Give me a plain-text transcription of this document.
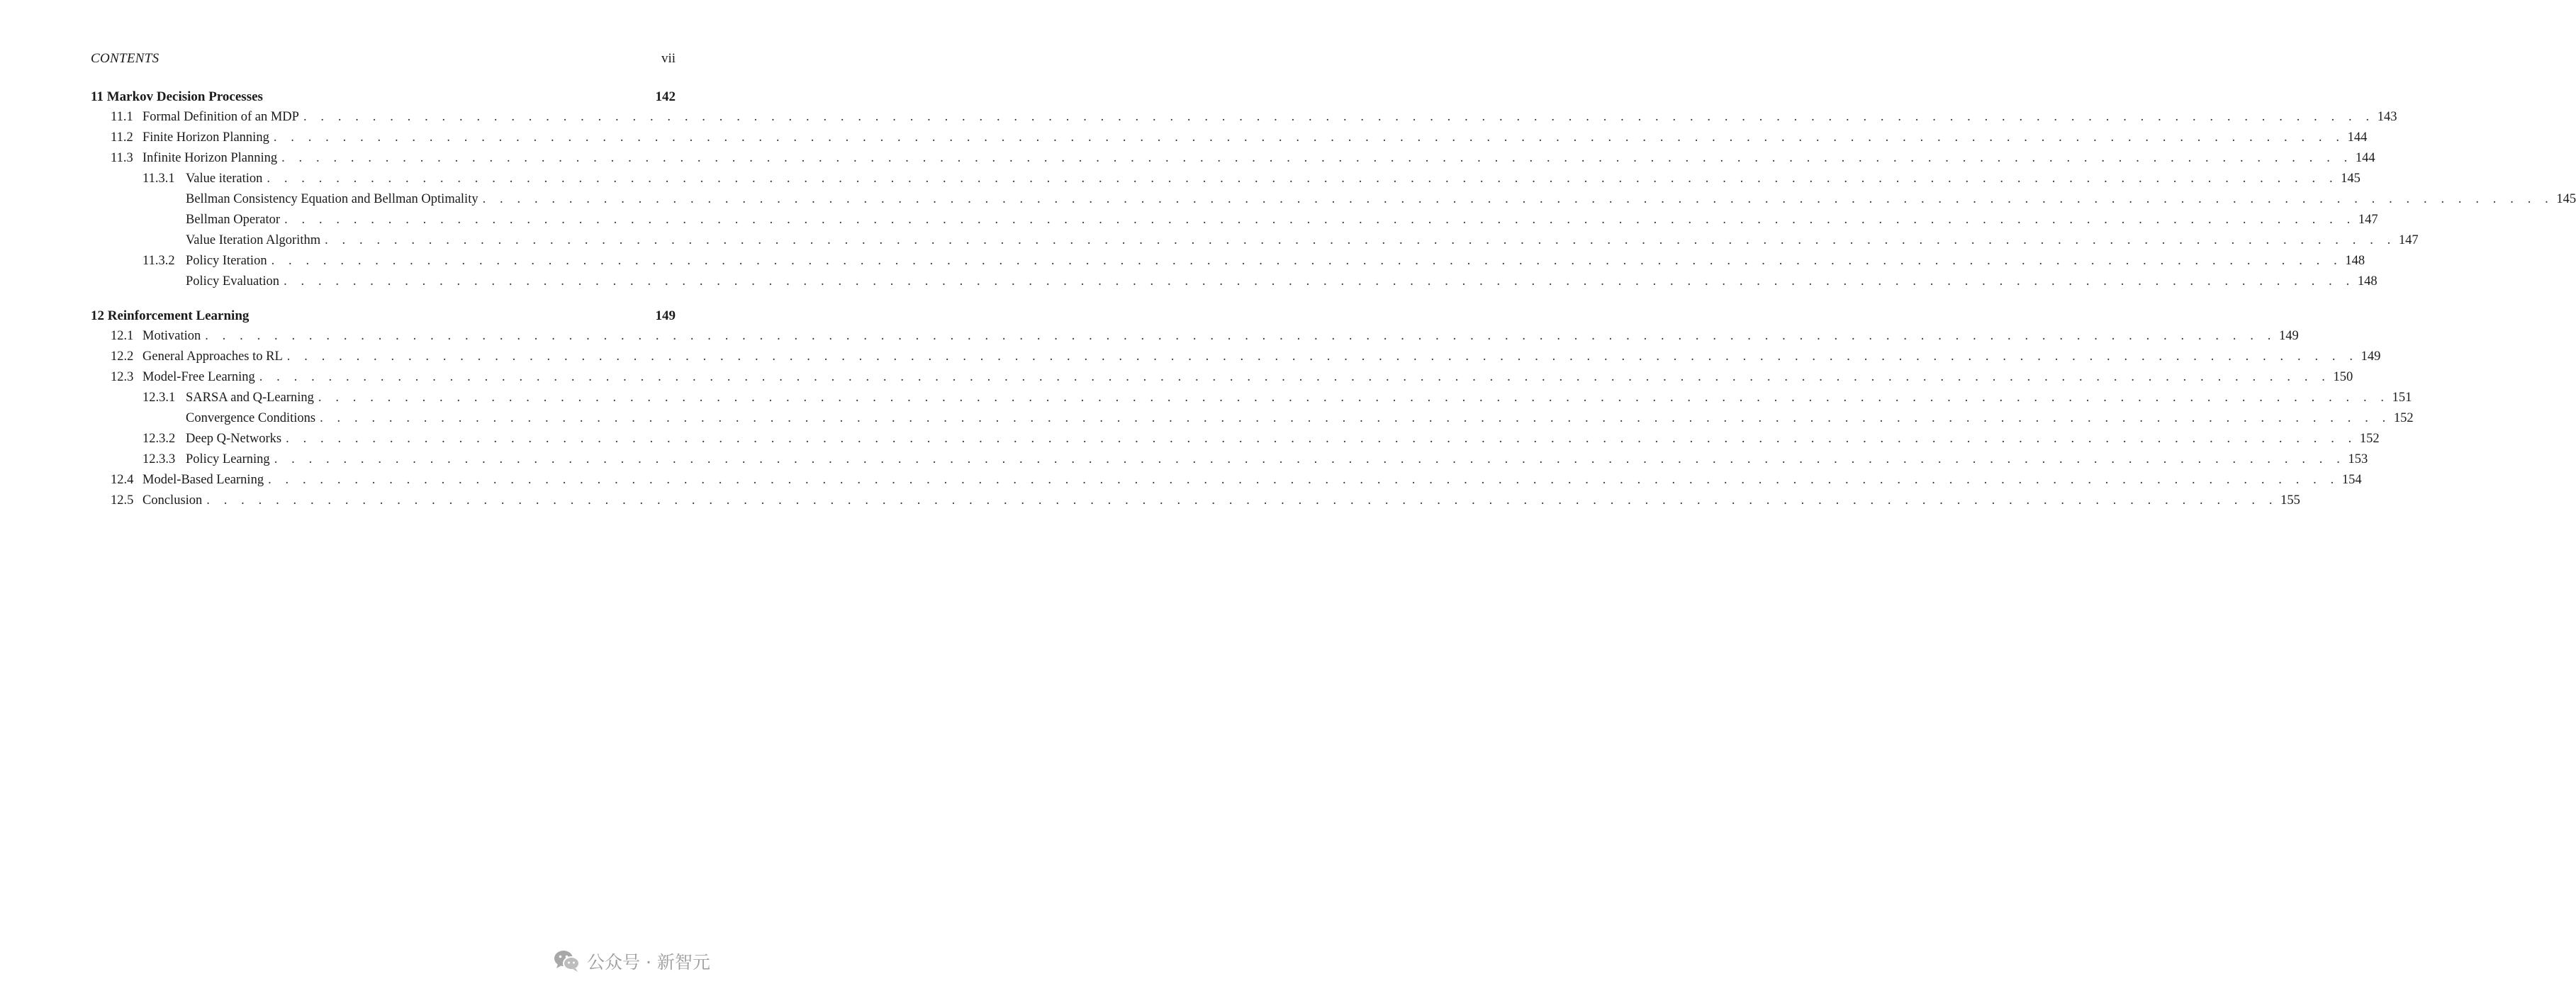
CONTENTS	vii
11 Markov Decision Processes	142
11.1 Formal Definition of an MDP . . . . . . . . . . . . . . . . . . . . . . . . . . . . . . . . . . . . . . . . . . . . . . . . . . . . . . . . . . . . . . . . . . . . . . . . . . . . . . . . . . . . . . . . . . . . . . . . . . . . . . . . . . . . . . . . . . . . . . . . 143
11.2 Finite Horizon Planning . . . . . . . . . . . . . . . . . . . . . . . . . . . . . . . . . . . . . . . . . . . . . . . . . . . . . . . . . . . . . . . . . . . . . . . . . . . . . . . . . . . . . . . . . . . . . . . . . . . . . . . . . . . . . . . . . . . . . . . . 144
11.3 Infinite Horizon Planning . . . . . . . . . . . . . . . . . . . . . . . . . . . . . . . . . . . . . . . . . . . . . . . . . . . . . . . . . . . . . . . . . . . . . . . . . . . . . . . . . . . . . . . . . . . . . . . . . . . . . . . . . . . . . . . . . . . . . . . . 144
11.3.1 Value iteration . . . . . . . . . . . . . . . . . . . . . . . . . . . . . . . . . . . . . . . . . . . . . . . . . . . . . . . . . . . . . . . . . . . . . . . . . . . . . . . . . . . . . . . . . . . . . . . . . . . . . . . . . . . . . . . . . . . . . . . . 145
Bellman Consistency Equation and Bellman Optimality . . . . . . . . . . . . . . . . . . . . . . . . . . . . . . . . . . . . . . . . . . . . . . . . . . . . . . . . . . . . . . . . . . . . . . . . . . . . . . . . . . . . . . . . . . . . . . . . . . . . . . . . . . . . . . . . . . . . . . . . 145
Bellman Operator . . . . . . . . . . . . . . . . . . . . . . . . . . . . . . . . . . . . . . . . . . . . . . . . . . . . . . . . . . . . . . . . . . . . . . . . . . . . . . . . . . . . . . . . . . . . . . . . . . . . . . . . . . . . . . . . . . . . . . . . 147
Value Iteration Algorithm . . . . . . . . . . . . . . . . . . . . . . . . . . . . . . . . . . . . . . . . . . . . . . . . . . . . . . . . . . . . . . . . . . . . . . . . . . . . . . . . . . . . . . . . . . . . . . . . . . . . . . . . . . . . . . . . . . . . . . . . 147
11.3.2 Policy Iteration . . . . . . . . . . . . . . . . . . . . . . . . . . . . . . . . . . . . . . . . . . . . . . . . . . . . . . . . . . . . . . . . . . . . . . . . . . . . . . . . . . . . . . . . . . . . . . . . . . . . . . . . . . . . . . . . . . . . . . . . 148
Policy Evaluation . . . . . . . . . . . . . . . . . . . . . . . . . . . . . . . . . . . . . . . . . . . . . . . . . . . . . . . . . . . . . . . . . . . . . . . . . . . . . . . . . . . . . . . . . . . . . . . . . . . . . . . . . . . . . . . . . . . . . . . . 148
12 Reinforcement Learning	149
12.1 Motivation . . . . . . . . . . . . . . . . . . . . . . . . . . . . . . . . . . . . . . . . . . . . . . . . . . . . . . . . . . . . . . . . . . . . . . . . . . . . . . . . . . . . . . . . . . . . . . . . . . . . . . . . . . . . . . . . . . . . . . . . 149
12.2 General Approaches to RL . . . . . . . . . . . . . . . . . . . . . . . . . . . . . . . . . . . . . . . . . . . . . . . . . . . . . . . . . . . . . . . . . . . . . . . . . . . . . . . . . . . . . . . . . . . . . . . . . . . . . . . . . . . . . . . . . . . . . . . . 149
12.3 Model-Free Learning . . . . . . . . . . . . . . . . . . . . . . . . . . . . . . . . . . . . . . . . . . . . . . . . . . . . . . . . . . . . . . . . . . . . . . . . . . . . . . . . . . . . . . . . . . . . . . . . . . . . . . . . . . . . . . . . . . . . . . . . 150
12.3.1 SARSA and Q-Learning . . . . . . . . . . . . . . . . . . . . . . . . . . . . . . . . . . . . . . . . . . . . . . . . . . . . . . . . . . . . . . . . . . . . . . . . . . . . . . . . . . . . . . . . . . . . . . . . . . . . . . . . . . . . . . . . . . . . . . . . 151
Convergence Conditions . . . . . . . . . . . . . . . . . . . . . . . . . . . . . . . . . . . . . . . . . . . . . . . . . . . . . . . . . . . . . . . . . . . . . . . . . . . . . . . . . . . . . . . . . . . . . . . . . . . . . . . . . . . . . . . . . . . . . . . . 152
12.3.2 Deep Q-Networks . . . . . . . . . . . . . . . . . . . . . . . . . . . . . . . . . . . . . . . . . . . . . . . . . . . . . . . . . . . . . . . . . . . . . . . . . . . . . . . . . . . . . . . . . . . . . . . . . . . . . . . . . . . . . . . . . . . . . . . . 152
12.3.3 Policy Learning . . . . . . . . . . . . . . . . . . . . . . . . . . . . . . . . . . . . . . . . . . . . . . . . . . . . . . . . . . . . . . . . . . . . . . . . . . . . . . . . . . . . . . . . . . . . . . . . . . . . . . . . . . . . . . . . . . . . . . . . 153
12.4 Model-Based Learning . . . . . . . . . . . . . . . . . . . . . . . . . . . . . . . . . . . . . . . . . . . . . . . . . . . . . . . . . . . . . . . . . . . . . . . . . . . . . . . . . . . . . . . . . . . . . . . . . . . . . . . . . . . . . . . . . . . . . . . . 154
12.5 Conclusion . . . . . . . . . . . . . . . . . . . . . . . . . . . . . . . . . . . . . . . . . . . . . . . . . . . . . . . . . . . . . . . . . . . . . . . . . . . . . . . . . . . . . . . . . . . . . . . . . . . . . . . . . . . . . . . . . . . . . . . . 155
公众号 · 新智元
